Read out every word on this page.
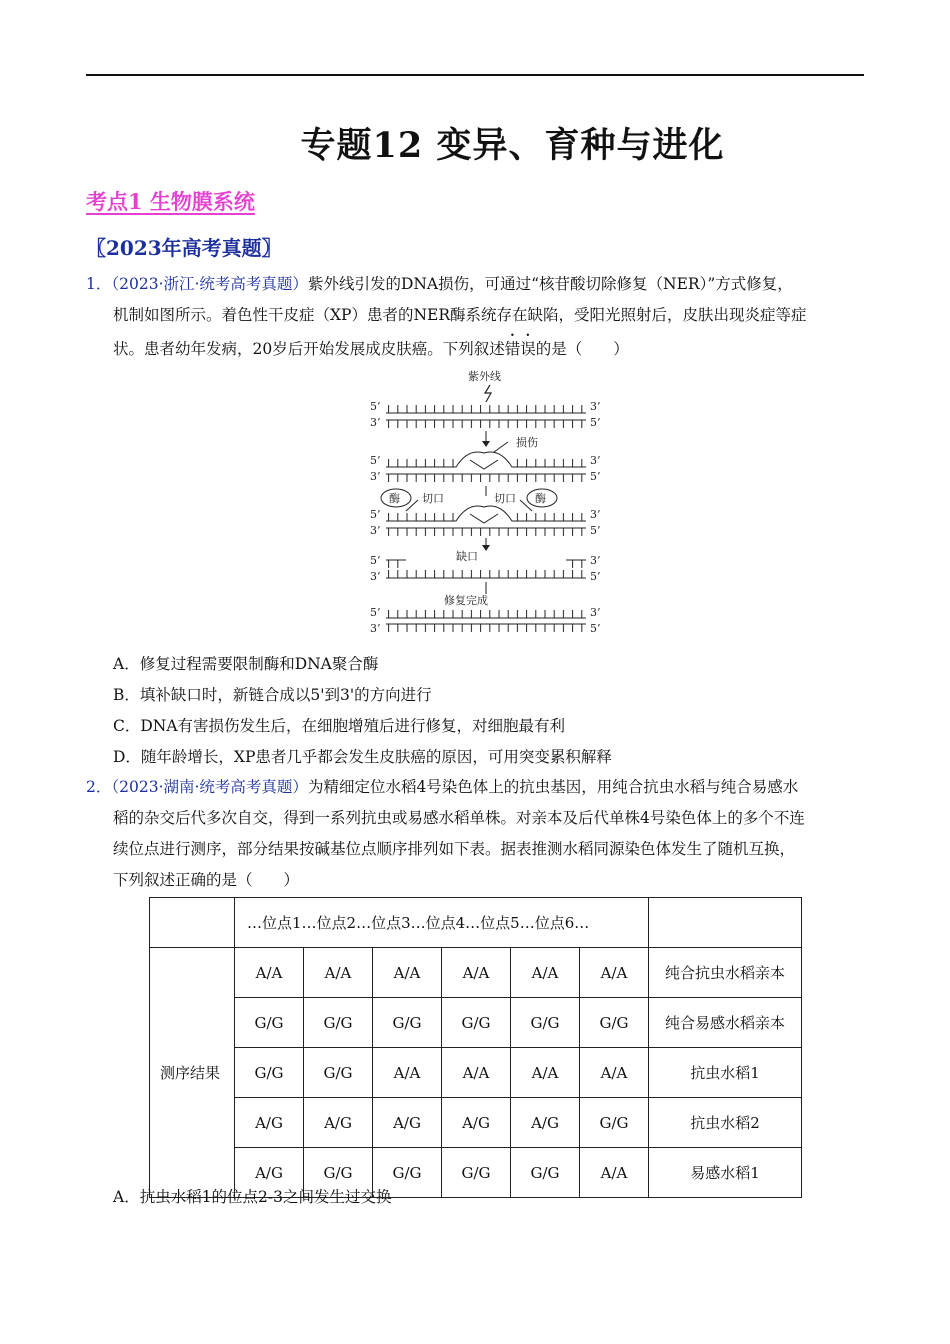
专题12 变异、育种与进化
考点1 生物膜系统
〖2023年高考真题〗
1．（2023·浙江·统考高考真题）紫外线引发的DNA损伤，可通过“核苷酸切除修复（NER）”方式修复，
机制如图所示。着色性干皮症（XP）患者的NER酶系统存在缺陷，受阳光照射后，皮肤出现炎症等症
状。患者幼年发病，20岁后开始发展成皮肤癌。下列叙述错误的是（　　）
紫外线
5’
3’
3’
5’
损伤
5’
3’
3’
5’
酶 切口	酶
切口
5’
3’
3’
5’
缺口
5’
3’
3’
5’
修复完成
5’
3’
3’
5’
A．修复过程需要限制酶和DNA聚合酶
B．填补缺口时，新链合成以5'到3'的方向进行
C．DNA有害损伤发生后，在细胞增殖后进行修复，对细胞最有利
D．随年龄增长，XP患者几乎都会发生皮肤癌的原因，可用突变累积解释
2．（2023·湖南·统考高考真题）为精细定位水稻4号染色体上的抗虫基因，用纯合抗虫水稻与纯合易感水
稻的杂交后代多次自交，得到一系列抗虫或易感水稻单株。对亲本及后代单株4号染色体上的多个不连
续位点进行测序，部分结果按碱基位点顺序排列如下表。据表推测水稻同源染色体发生了随机互换，
下列叙述正确的是（　　）
	…位点1…位点2…位点3…位点4…位点5…位点6…						
测序结果	A/A	A/A	A/A	A/A	A/A	A/A	纯合抗虫水稻亲本
	G/G	G/G	G/G	G/G	G/G	G/G	纯合易感水稻亲本
	G/G	G/G	A/A	A/A	A/A	A/A	抗虫水稻1
	A/G	A/G	A/G	A/G	A/G	G/G	抗虫水稻2
	A/G	G/G	G/G	G/G	G/G	A/A	易感水稻1
A．抗虫水稻1的位点2-3之间发生过交换
